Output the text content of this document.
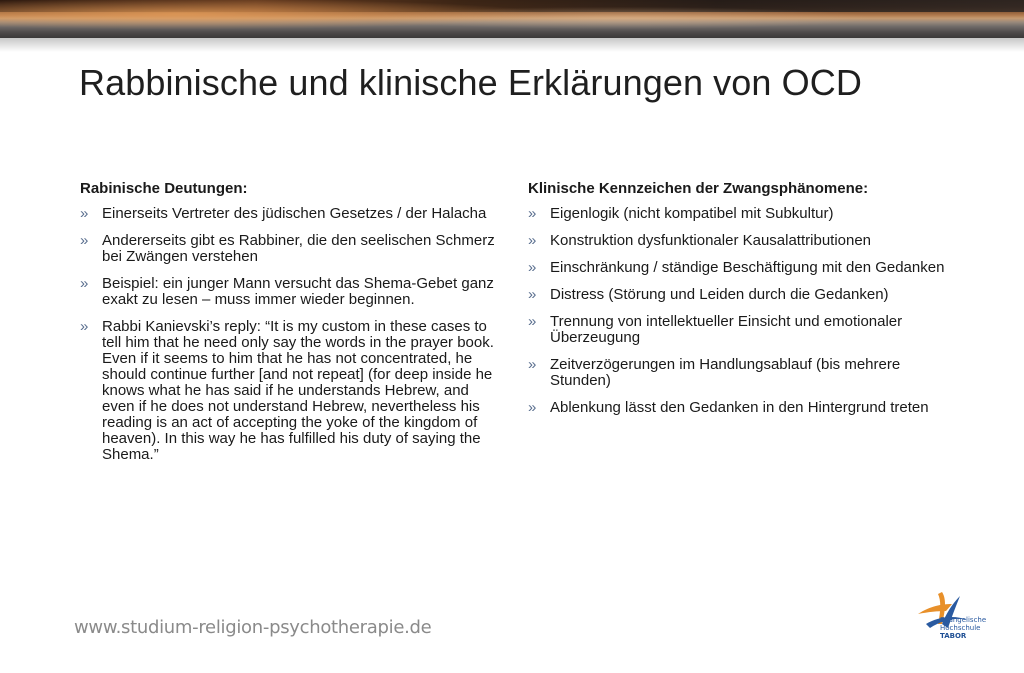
Rabbinische und klinische Erklärungen von OCD
Rabinische Deutungen:
» Einerseits Vertreter des jüdischen Gesetzes / der Halacha
» Andererseits gibt es Rabbiner, die den seelischen Schmerz bei Zwängen verstehen
» Beispiel: ein junger Mann versucht das Shema-Gebet ganz exakt zu lesen – muss immer wieder beginnen.
» Rabbi Kanievski’s reply: “It is my custom in these cases to tell him that he need only say the words in the prayer book. Even if it seems to him that he has not concentrated, he should continue further [and not repeat] (for deep inside he knows what he has said if he understands Hebrew, and even if he does not understand Hebrew, nevertheless his reading is an act of accepting the yoke of the kingdom of heaven). In this way he has fulfilled his duty of saying the Shema.”
Klinische Kennzeichen der Zwangsphänomene:
» Eigenlogik (nicht kompatibel mit Subkultur)
» Konstruktion dysfunktionaler Kausalattributionen
» Einschränkung / ständige Beschäftigung mit den Gedanken
» Distress (Störung und Leiden durch die Gedanken)
» Trennung von intellektueller Einsicht und emotionaler Überzeugung
» Zeitverzögerungen im Handlungsablauf (bis mehrere Stunden)
» Ablenkung lässt den Gedanken in den Hintergrund treten
www.studium-religion-psychotherapie.de	Evangelische
Hochschule
TABOR
